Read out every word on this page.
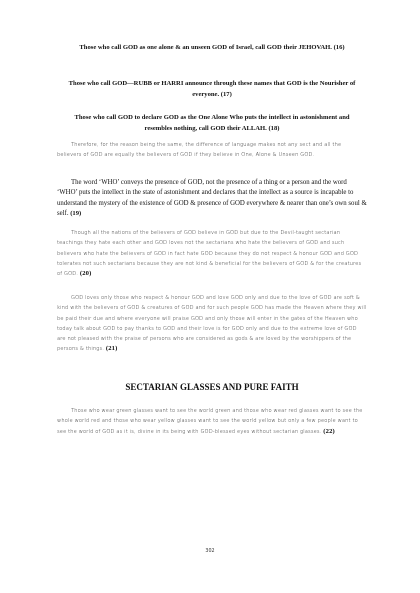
Those who call GOD as one alone & an unseen GOD of Israel, call GOD their JEHOVAH. (16)

Those who call GOD—RUBB or HARRI announce through these names that GOD is the Nourisher of everyone. (17)

Those who call GOD to declare GOD as the One Alone Who puts the intellect in astonishment and resembles nothing, call GOD their ALLAH. (18)

Therefore, for the reason being the same, the difference of language makes not any sect and all the believers of GOD are equally the believers of GOD if they believe in One, Alone & Unseen GOD.

The word ‘WHO’ conveys the presence of GOD, not the presence of a thing or a person and the word ‘WHO’ puts the intellect in the state of astonishment and declares that the intellect as a source is incapable to understand the mystery of the existence of GOD & presence of GOD everywhere & nearer than one’s own soul & self. (19)

Though all the nations of the believers of GOD believe in GOD but due to the Devil-taught sectarian teachings they hate each other and GOD loves not the sectarians who hate the believers of GOD and such believers who hate the believers of GOD in fact hate GOD because they do not respect & honour GOD and GOD tolerates not such sectarians because they are not kind & beneficial for the believers of GOD & for the creatures of GOD. (20)

GOD loves only those who respect & honour GOD and love GOD only and due to the love of GOD are soft & kind with the believers of GOD & creatures of GOD and for such people GOD has made the Heaven where they will be paid their due and where everyone will praise GOD and only those will enter in the gates of the Heaven who today talk about GOD to pay thanks to GOD and their love is for GOD only and due to the extreme love of GOD are not pleased with the praise of persons who are considered as gods & are loved by the worshippers of the persons & things. (21)

SECTARIAN GLASSES AND PURE FAITH

Those who wear green glasses want to see the world green and those who wear red glasses want to see the whole world red and those who wear yellow glasses want to see the world yellow but only a few people want to see the world of GOD as it is, divine in its being with GOD-blessed eyes without sectarian glasses. (22)

302
